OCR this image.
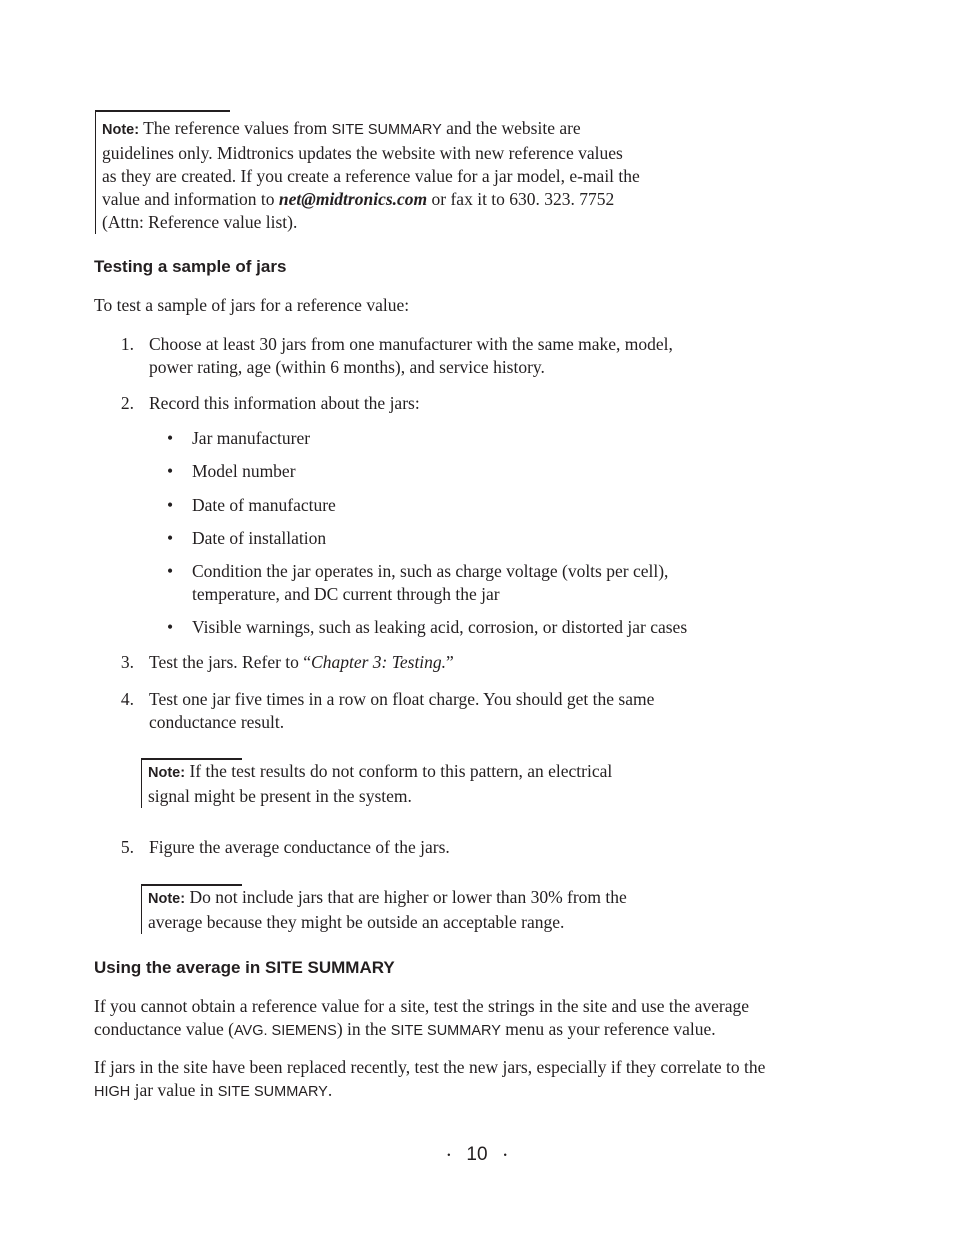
Note: The reference values from SITE SUMMARY and the website are
guidelines only. Midtronics updates the website with new reference values
as they are created. If you create a reference value for a jar model, e-mail the
value and information to net@midtronics.com or fax it to 630. 323. 7752
(Attn: Reference value list).
Testing a sample of jars

To test a sample of jars for a reference value:

1. Choose at least 30 jars from one manufacturer with the same make, model,
power rating, age (within 6 months), and service history.
2. Record this information about the jars:
• Jar manufacturer
• Model number
• Date of manufacture
• Date of installation
• Condition the jar operates in, such as charge voltage (volts per cell),
temperature, and DC current through the jar
• Visible warnings, such as leaking acid, corrosion, or distorted jar cases
3. Test the jars. Refer to “Chapter 3: Testing.”
4. Test one jar five times in a row on float charge. You should get the same
conductance result.
Note: If the test results do not conform to this pattern, an electrical
signal might be present in the system.
5. Figure the average conductance of the jars.
Note: Do not include jars that are higher or lower than 30% from the
average because they might be outside an acceptable range.
Using the average in SITE SUMMARY

If you cannot obtain a reference value for a site, test the strings in the site and use the average
conductance value (AVG. SIEMENS) in the SITE SUMMARY menu as your reference value.

If jars in the site have been replaced recently, test the new jars, especially if they correlate to the
HIGH jar value in SITE SUMMARY.

• 10 •
